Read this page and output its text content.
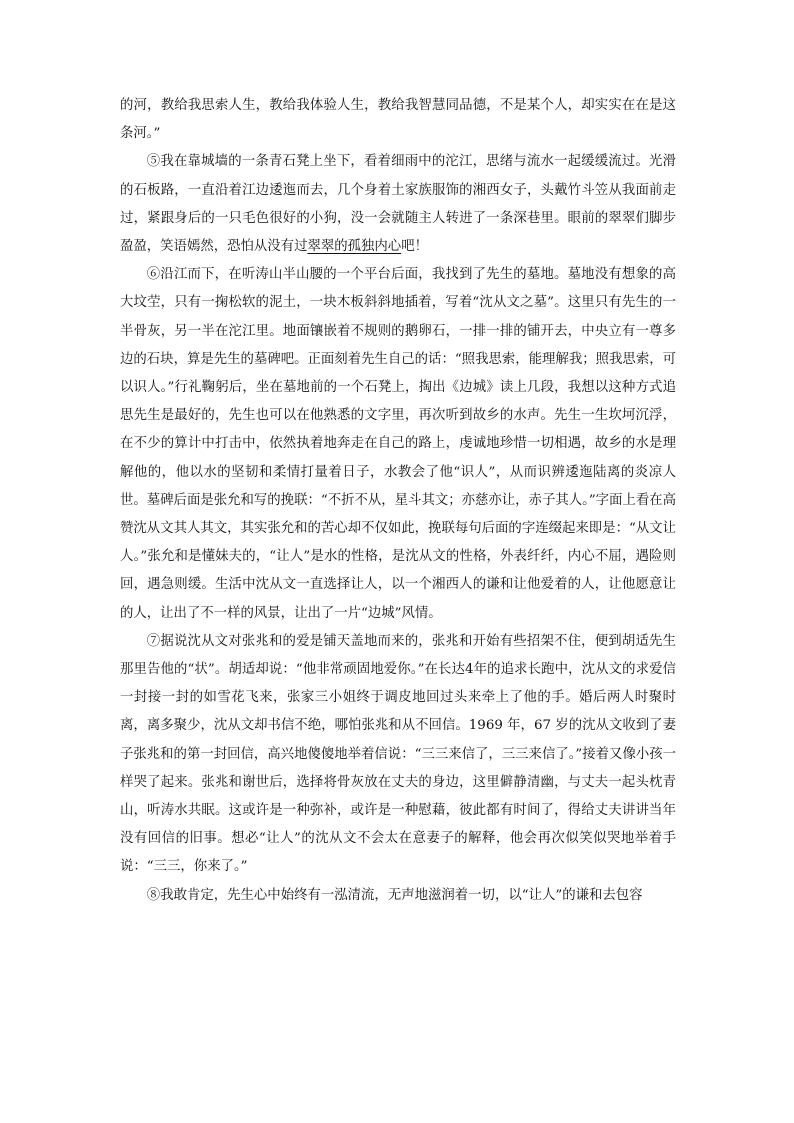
的河，教给我思索人生，教给我体验人生，教给我智慧同品德，不是某个人，却实实在在是这条河。”

⑤我在靠城墙的一条青石凳上坐下，看着细雨中的沱江，思绪与流水一起缓缓流过。光滑的石板路，一直沿着江边逶迤而去，几个身着土家族服饰的湘西女子，头戴竹斗笠从我面前走过，紧跟身后的一只毛色很好的小狗，没一会就随主人转进了一条深巷里。眼前的翠翠们脚步盈盈，笑语嫣然，恐怕从没有过翠翠的孤独内心吧！

⑥沿江而下，在听涛山半山腰的一个平台后面，我找到了先生的墓地。墓地没有想象的高大坟茔，只有一掬松软的泥土，一块木板斜斜地插着，写着“沈从文之墓”。这里只有先生的一半骨灰，另一半在沱江里。地面镶嵌着不规则的鹅卵石，一排一排的铺开去，中央立有一尊多边的石块，算是先生的墓碑吧。正面刻着先生自己的话：“照我思索，能理解我；照我思索，可以识人。”行礼鞠躬后，坐在墓地前的一个石凳上，掏出《边城》读上几段，我想以这种方式追思先生是最好的，先生也可以在他熟悉的文字里，再次听到故乡的水声。先生一生坎坷沉浮，在不少的算计中打击中，依然执着地奔走在自己的路上，虔诚地珍惜一切相遇，故乡的水是理解他的，他以水的坚韧和柔情打量着日子，水教会了他“识人”，从而识辨逶迤陆离的炎凉人世。墓碑后面是张允和写的挽联：“不折不从，星斗其文；亦慈亦让，赤子其人。”字面上看在高赞沈从文其人其文，其实张允和的苦心却不仅如此，挽联每句后面的字连缀起来即是：“从文让人。”张允和是懂妹夫的，“让人”是水的性格，是沈从文的性格，外表纤纤，内心不屈，遇险则回，遇急则缓。生活中沈从文一直选择让人，以一个湘西人的谦和让他爱着的人，让他愿意让的人，让出了不一样的风景，让出了一片“边城”风情。

⑦据说沈从文对张兆和的爱是铺天盖地而来的，张兆和开始有些招架不住，便到胡适先生那里告他的“状”。胡适却说：“他非常顽固地爱你。”在长达4年的追求长跑中，沈从文的求爱信一封接一封的如雪花飞来，张家三小姐终于调皮地回过头来牵上了他的手。婚后两人时聚时离，离多聚少，沈从文却书信不绝，哪怕张兆和从不回信。1969 年，67 岁的沈从文收到了妻子张兆和的第一封回信，高兴地傻傻地举着信说：“三三来信了，三三来信了。”接着又像小孩一样哭了起来。张兆和谢世后，选择将骨灰放在丈夫的身边，这里僻静清幽，与丈夫一起头枕青山，听涛水共眠。这或许是一种弥补，或许是一种慰藉，彼此都有时间了，得给丈夫讲讲当年没有回信的旧事。想必“让人”的沈从文不会太在意妻子的解释，他会再次似笑似哭地举着手说：“三三，你来了。”

⑧我敢肯定，先生心中始终有一泓清流，无声地滋润着一切，以“让人”的谦和去包容
